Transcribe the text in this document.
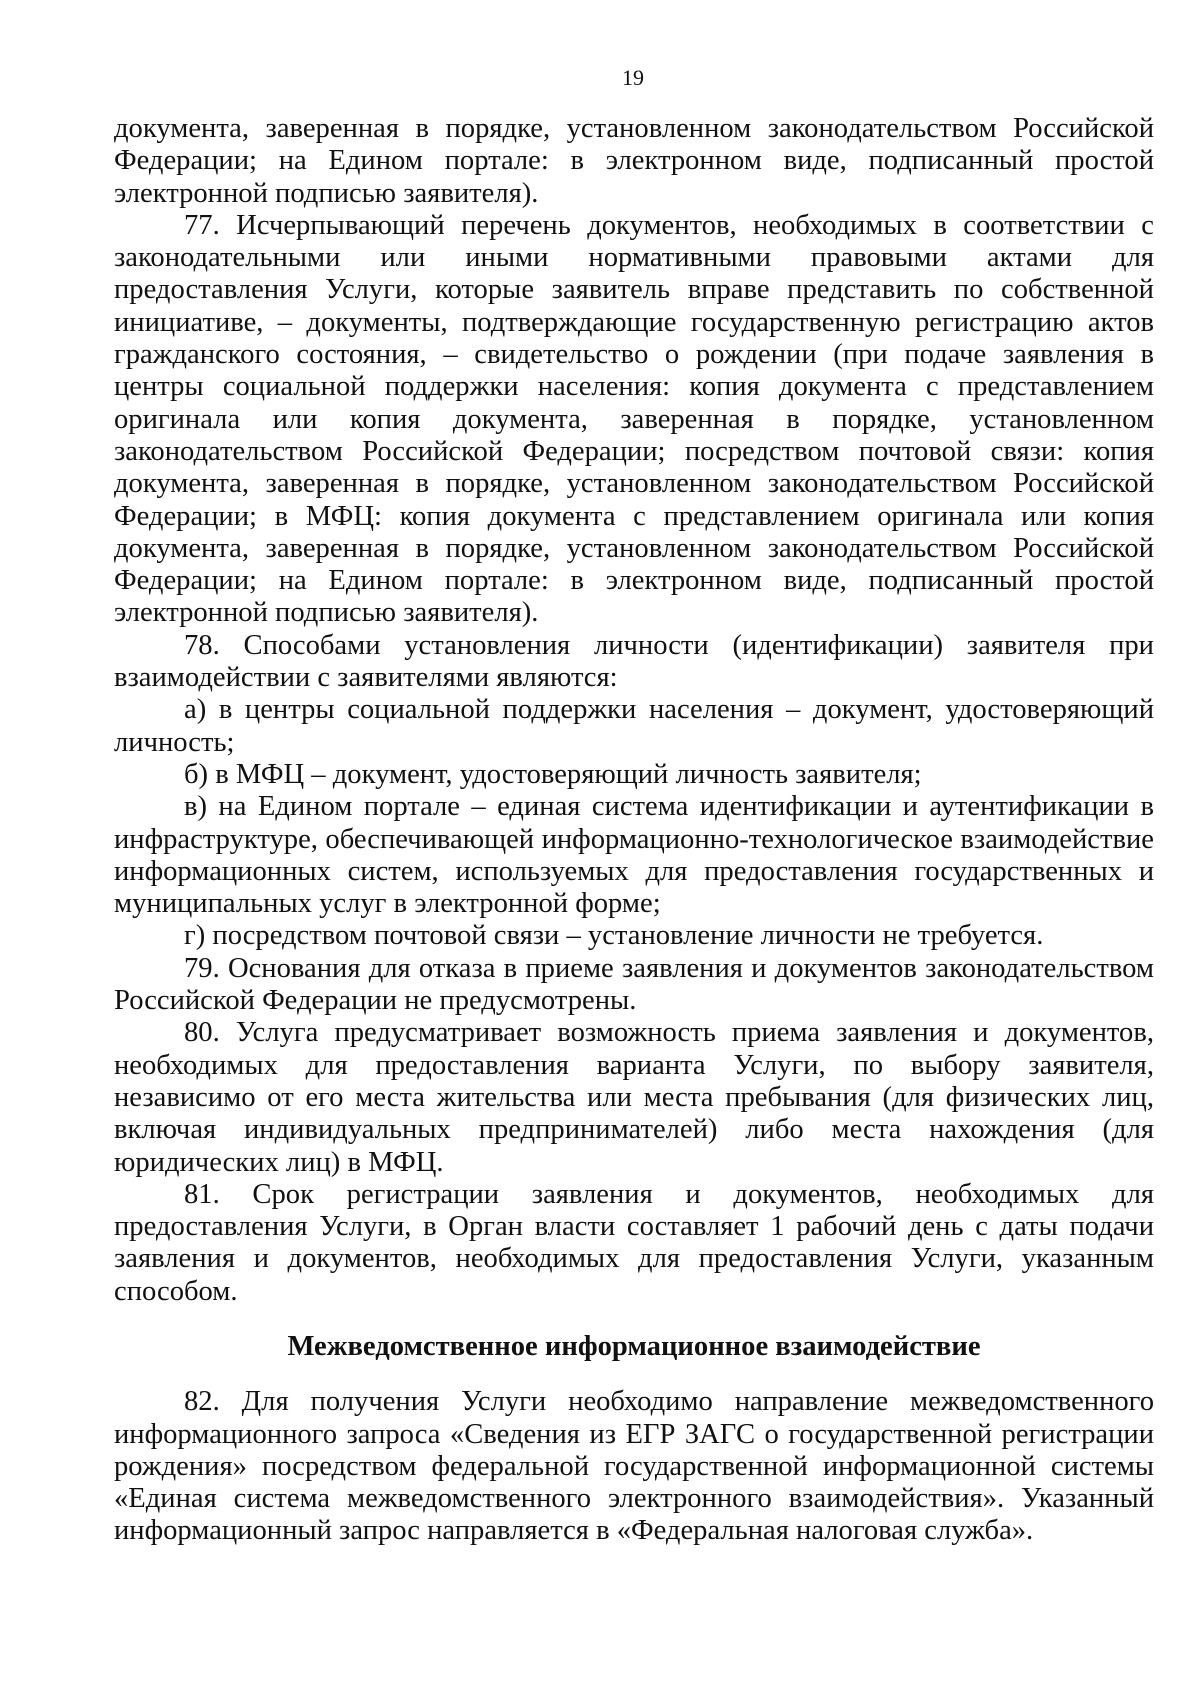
19

документа, заверенная в порядке, установленном законодательством Российской Федерации; на Едином портале: в электронном виде, подписанный простой электронной подписью заявителя).

77. Исчерпывающий перечень документов, необходимых в соответствии с законодательными или иными нормативными правовыми актами для предоставления Услуги, которые заявитель вправе представить по собственной инициативе, – документы, подтверждающие государственную регистрацию актов гражданского состояния, – свидетельство о рождении (при подаче заявления в центры социальной поддержки населения: копия документа с представлением оригинала или копия документа, заверенная в порядке, установленном законодательством Российской Федерации; посредством почтовой связи: копия документа, заверенная в порядке, установленном законодательством Российской Федерации; в МФЦ: копия документа с представлением оригинала или копия документа, заверенная в порядке, установленном законодательством Российской Федерации; на Едином портале: в электронном виде, подписанный простой электронной подписью заявителя).

78. Способами установления личности (идентификации) заявителя при взаимодействии с заявителями являются:

а) в центры социальной поддержки населения – документ, удостоверяющий личность;

б) в МФЦ – документ, удостоверяющий личность заявителя;

в) на Едином портале – единая система идентификации и аутентификации в инфраструктуре, обеспечивающей информационно-технологическое взаимодействие информационных систем, используемых для предоставления государственных и муниципальных услуг в электронной форме;

г) посредством почтовой связи – установление личности не требуется.

79. Основания для отказа в приеме заявления и документов законодательством Российской Федерации не предусмотрены.

80. Услуга предусматривает возможность приема заявления и документов, необходимых для предоставления варианта Услуги, по выбору заявителя, независимо от его места жительства или места пребывания (для физических лиц, включая индивидуальных предпринимателей) либо места нахождения (для юридических лиц) в МФЦ.

81. Срок регистрации заявления и документов, необходимых для предоставления Услуги, в Орган власти составляет 1 рабочий день с даты подачи заявления и документов, необходимых для предоставления Услуги, указанным способом.

Межведомственное информационное взаимодействие

82. Для получения Услуги необходимо направление межведомственного информационного запроса «Сведения из ЕГР ЗАГС о государственной регистрации рождения» посредством федеральной государственной информационной системы «Единая система межведомственного электронного взаимодействия». Указанный информационный запрос направляется в «Федеральная налоговая служба».
